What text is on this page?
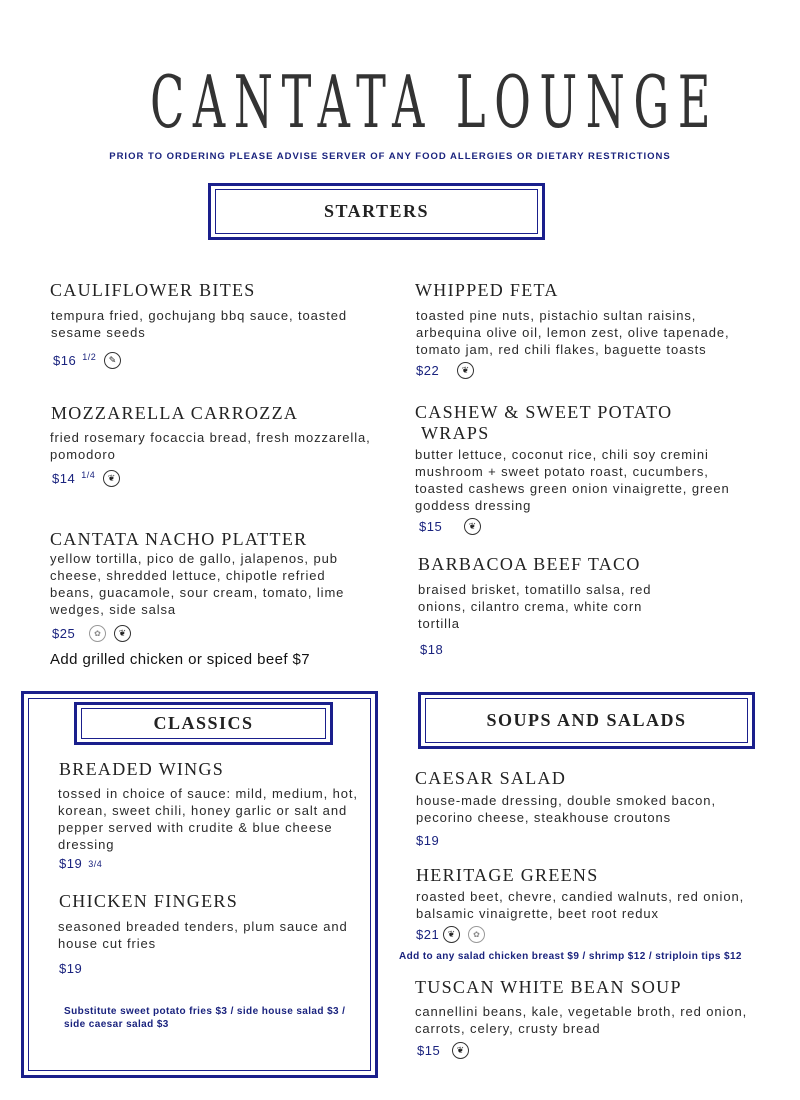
CANTATA LOUNGE
PRIOR TO ORDERING PLEASE ADVISE SERVER OF ANY FOOD ALLERGIES OR DIETARY RESTRICTIONS
STARTERS
CAULIFLOWER BITES
tempura fried, gochujang bbq sauce, toasted sesame seeds
$16 1/2	✎
WHIPPED FETA
toasted pine nuts, pistachio sultan raisins, arbequina olive oil, lemon zest, olive tapenade, tomato jam, red chili flakes, baguette toasts
$22	❦
MOZZARELLA CARROZZA
fried rosemary focaccia bread, fresh mozzarella, pomodoro
$14 1/4	❦
CASHEW & SWEET POTATO
WRAPS
butter lettuce, coconut rice, chili soy cremini mushroom + sweet potato roast, cucumbers, toasted cashews green onion vinaigrette, green goddess dressing
$15	❦
CANTATA NACHO PLATTER
yellow tortilla, pico de gallo, jalapenos, pub cheese, shredded lettuce, chipotle refried beans, guacamole, sour cream, tomato, lime wedges, side salsa
$25	✿	❦
Add grilled chicken or spiced beef $7
BARBACOA BEEF TACO
braised brisket, tomatillo salsa, red onions, cilantro crema, white corn tortilla
$18
CLASSICS
BREADED WINGS
tossed in choice of sauce: mild, medium, hot, korean, sweet chili, honey garlic or salt and pepper served with crudite & blue cheese dressing
$19 3/4
CHICKEN FINGERS
seasoned breaded tenders, plum sauce and house cut fries
$19
Substitute sweet potato fries $3 / side house salad $3 / side caesar salad $3
SOUPS AND SALADS
CAESAR SALAD
house-made dressing, double smoked bacon, pecorino cheese, steakhouse croutons
$19
HERITAGE GREENS
roasted beet, chevre, candied walnuts, red onion, balsamic vinaigrette, beet root redux
$21 ❦	✿
Add to any salad chicken breast $9 / shrimp $12 / striploin tips $12
TUSCAN WHITE BEAN SOUP
cannellini beans, kale, vegetable broth, red onion, carrots, celery, crusty bread
$15	❦
